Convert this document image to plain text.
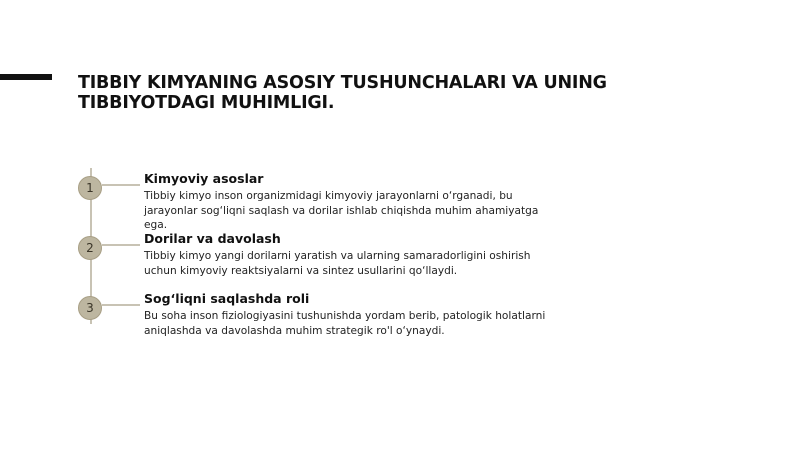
TIBBIY KIMYANING ASOSIY TUSHUNCHALARI VA UNING TIBBIYOTDAGI MUHIMLIGI.
1
Kimyoviy asoslar
Tibbiy kimyo inson organizmidagi kimyoviy jarayonlarni o‘rganadi, bu jarayonlar sog‘liqni saqlash va dorilar ishlab chiqishda muhim ahamiyatga ega.
2
Dorilar va davolash
Tibbiy kimyo yangi dorilarni yaratish va ularning samaradorligini oshirish uchun kimyoviy reaktsiyalarni va sintez usullarini qo‘llaydi.
3
Sog‘liqni saqlashda roli
Bu soha inson fiziologiyasini tushunishda yordam berib, patologik holatlarni aniqlashda va davolashda muhim strategik ro'l o‘ynaydi.
